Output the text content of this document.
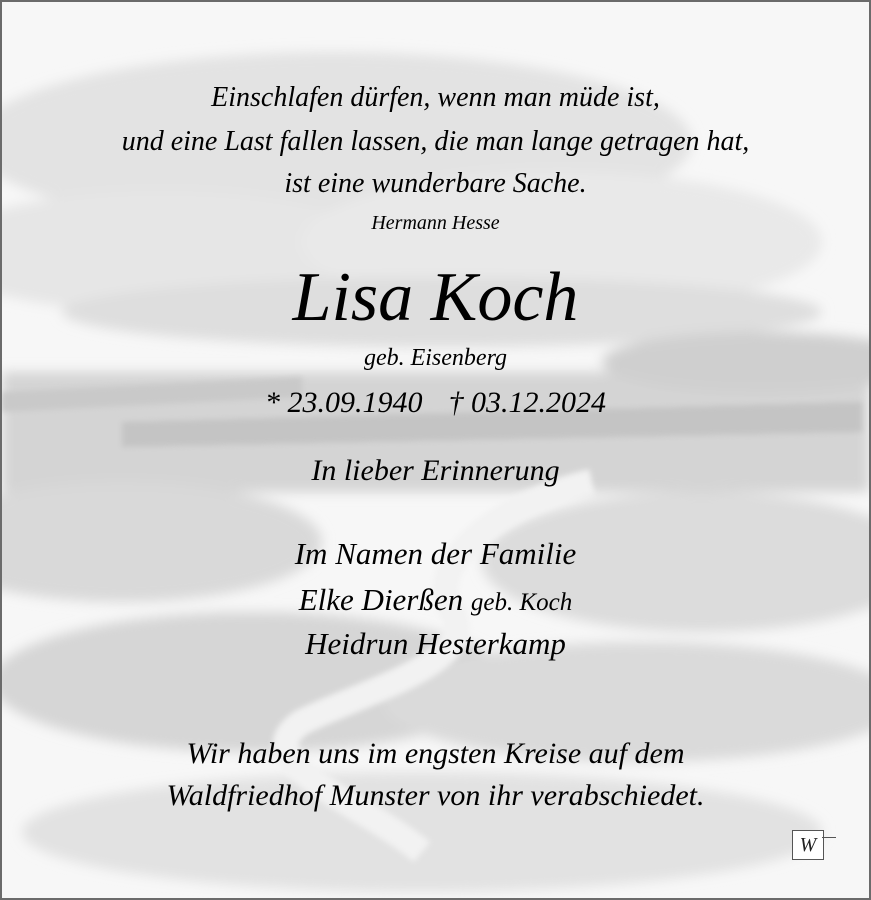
Einschlafen dürfen, wenn man müde ist,
und eine Last fallen lassen, die man lange getragen hat,
ist eine wunderbare Sache.
Hermann Hesse
Lisa Koch
geb. Eisenberg
* 23.09.1940 † 03.12.2024
In lieber Erinnerung
Im Namen der Familie
Elke Dierßen geb. Koch
Heidrun Hesterkamp
Wir haben uns im engsten Kreise auf dem
Waldfriedhof Munster von ihr verabschiedet.
W
